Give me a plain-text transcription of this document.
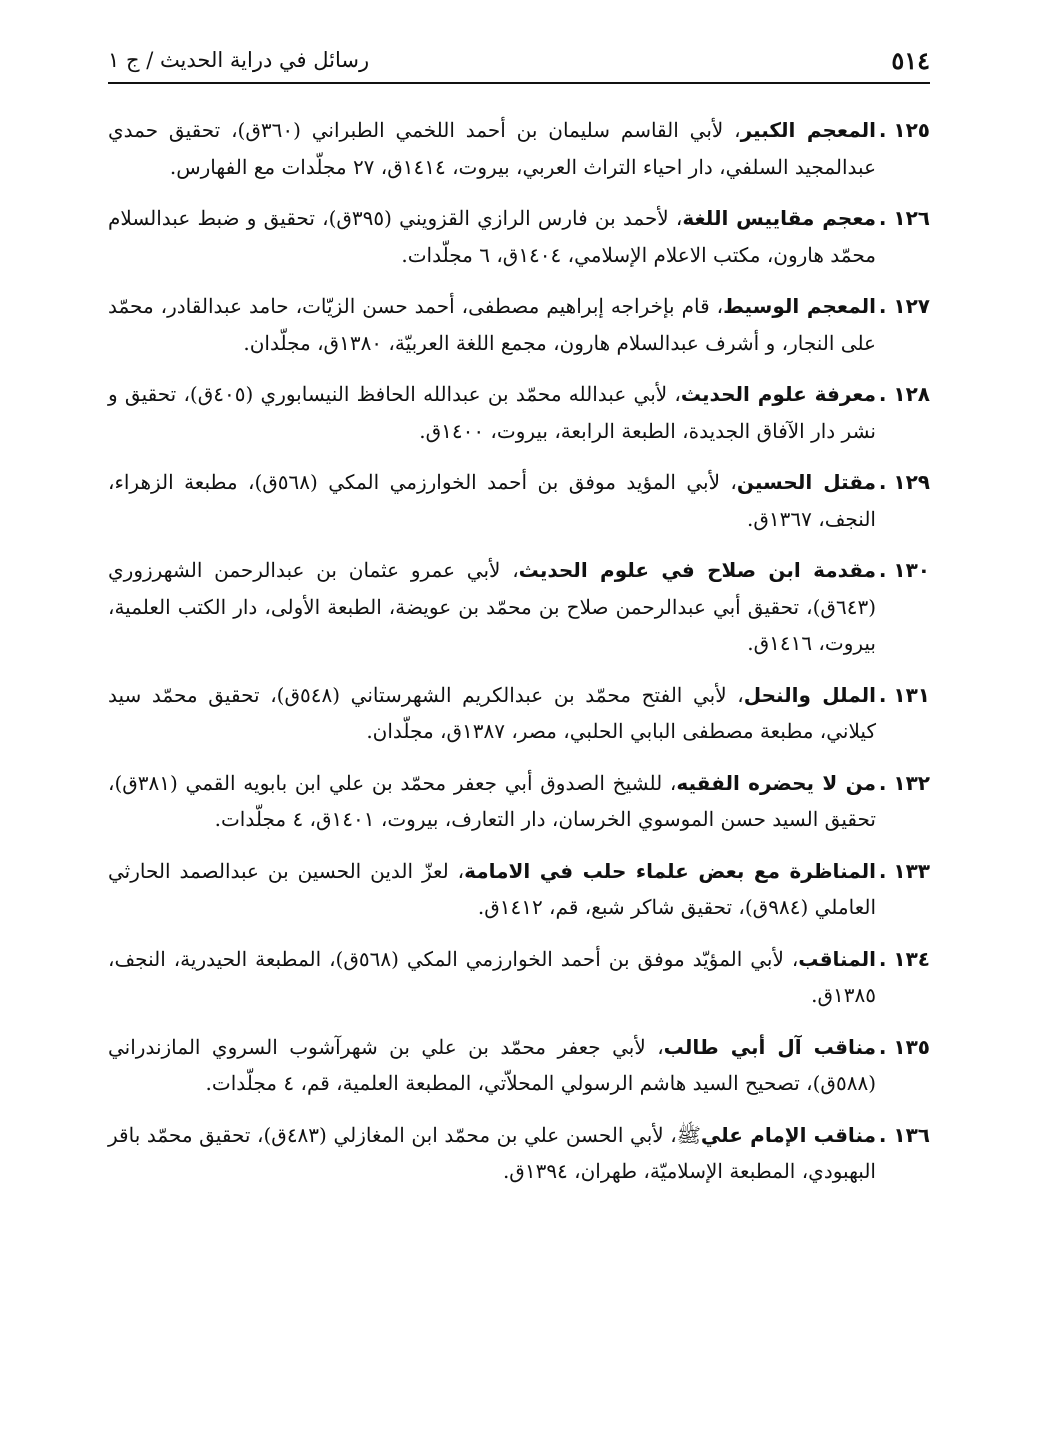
٥١٤
رسائل في دراية الحديث / ج ١
١٢٥ .
المعجم الكبير، لأبي القاسم سليمان بن أحمد اللخمي الطبراني (٣٦٠ق)، تحقيق حمدي عبدالمجيد السلفي، دار احياء التراث العربي، بيروت، ١٤١٤ق، ٢٧ مجلّدات مع الفهارس.
١٢٦ .
معجم مقاييس اللغة، لأحمد بن فارس الرازي القزويني (٣٩٥ق)، تحقيق و ضبط عبدالسلام محمّد هارون، مكتب الاعلام الإسلامي، ١٤٠٤ق، ٦ مجلّدات.
١٢٧ .
المعجم الوسيط، قام بإخراجه إبراهيم مصطفى، أحمد حسن الزيّات، حامد عبدالقادر، محمّد على النجار، و أشرف عبدالسلام هارون، مجمع اللغة العربيّة، ١٣٨٠ق، مجلّدان.
١٢٨ .
معرفة علوم الحديث، لأبي عبدالله محمّد بن عبدالله الحافظ النيسابوري (٤٠٥ق)، تحقيق و نشر دار الآفاق الجديدة، الطبعة الرابعة، بيروت، ١٤٠٠ق.
١٢٩ .
مقتل الحسين، لأبي المؤيد موفق بن أحمد الخوارزمي المكي (٥٦٨ق)، مطبعة الزهراء، النجف، ١٣٦٧ق.
١٣٠ .
مقدمة ابن صلاح في علوم الحديث، لأبي عمرو عثمان بن عبدالرحمن الشهرزوري (٦٤٣ق)، تحقيق أبي عبدالرحمن صلاح بن محمّد بن عويضة، الطبعة الأولى، دار الكتب العلمية، بيروت، ١٤١٦ق.
١٣١ .
الملل والنحل، لأبي الفتح محمّد بن عبدالكريم الشهرستاني (٥٤٨ق)، تحقيق محمّد سيد كيلاني، مطبعة مصطفى البابي الحلبي، مصر، ١٣٨٧ق، مجلّدان.
١٣٢ .
من لا يحضره الفقيه، للشيخ الصدوق أبي جعفر محمّد بن علي ابن بابويه القمي (٣٨١ق)، تحقيق السيد حسن الموسوي الخرسان، دار التعارف، بيروت، ١٤٠١ق، ٤ مجلّدات.
١٣٣ .
المناظرة مع بعض علماء حلب في الامامة، لعزّ الدين الحسين بن عبدالصمد الحارثي العاملي (٩٨٤ق)، تحقيق شاكر شبع، قم، ١٤١٢ق.
١٣٤ .
المناقب، لأبي المؤيّد موفق بن أحمد الخوارزمي المكي (٥٦٨ق)، المطبعة الحيدرية، النجف، ١٣٨٥ق.
١٣٥ .
مناقب آل أبي طالب، لأبي جعفر محمّد بن علي بن شهرآشوب السروي المازندراني (٥٨٨ق)، تصحيح السيد هاشم الرسولي المحلاّتي، المطبعة العلمية، قم، ٤ مجلّدات.
١٣٦ .
مناقب الإمام عليﷺ، لأبي الحسن علي بن محمّد ابن المغازلي (٤٨٣ق)، تحقيق محمّد باقر البهبودي، المطبعة الإسلاميّة، طهران، ١٣٩٤ق.
